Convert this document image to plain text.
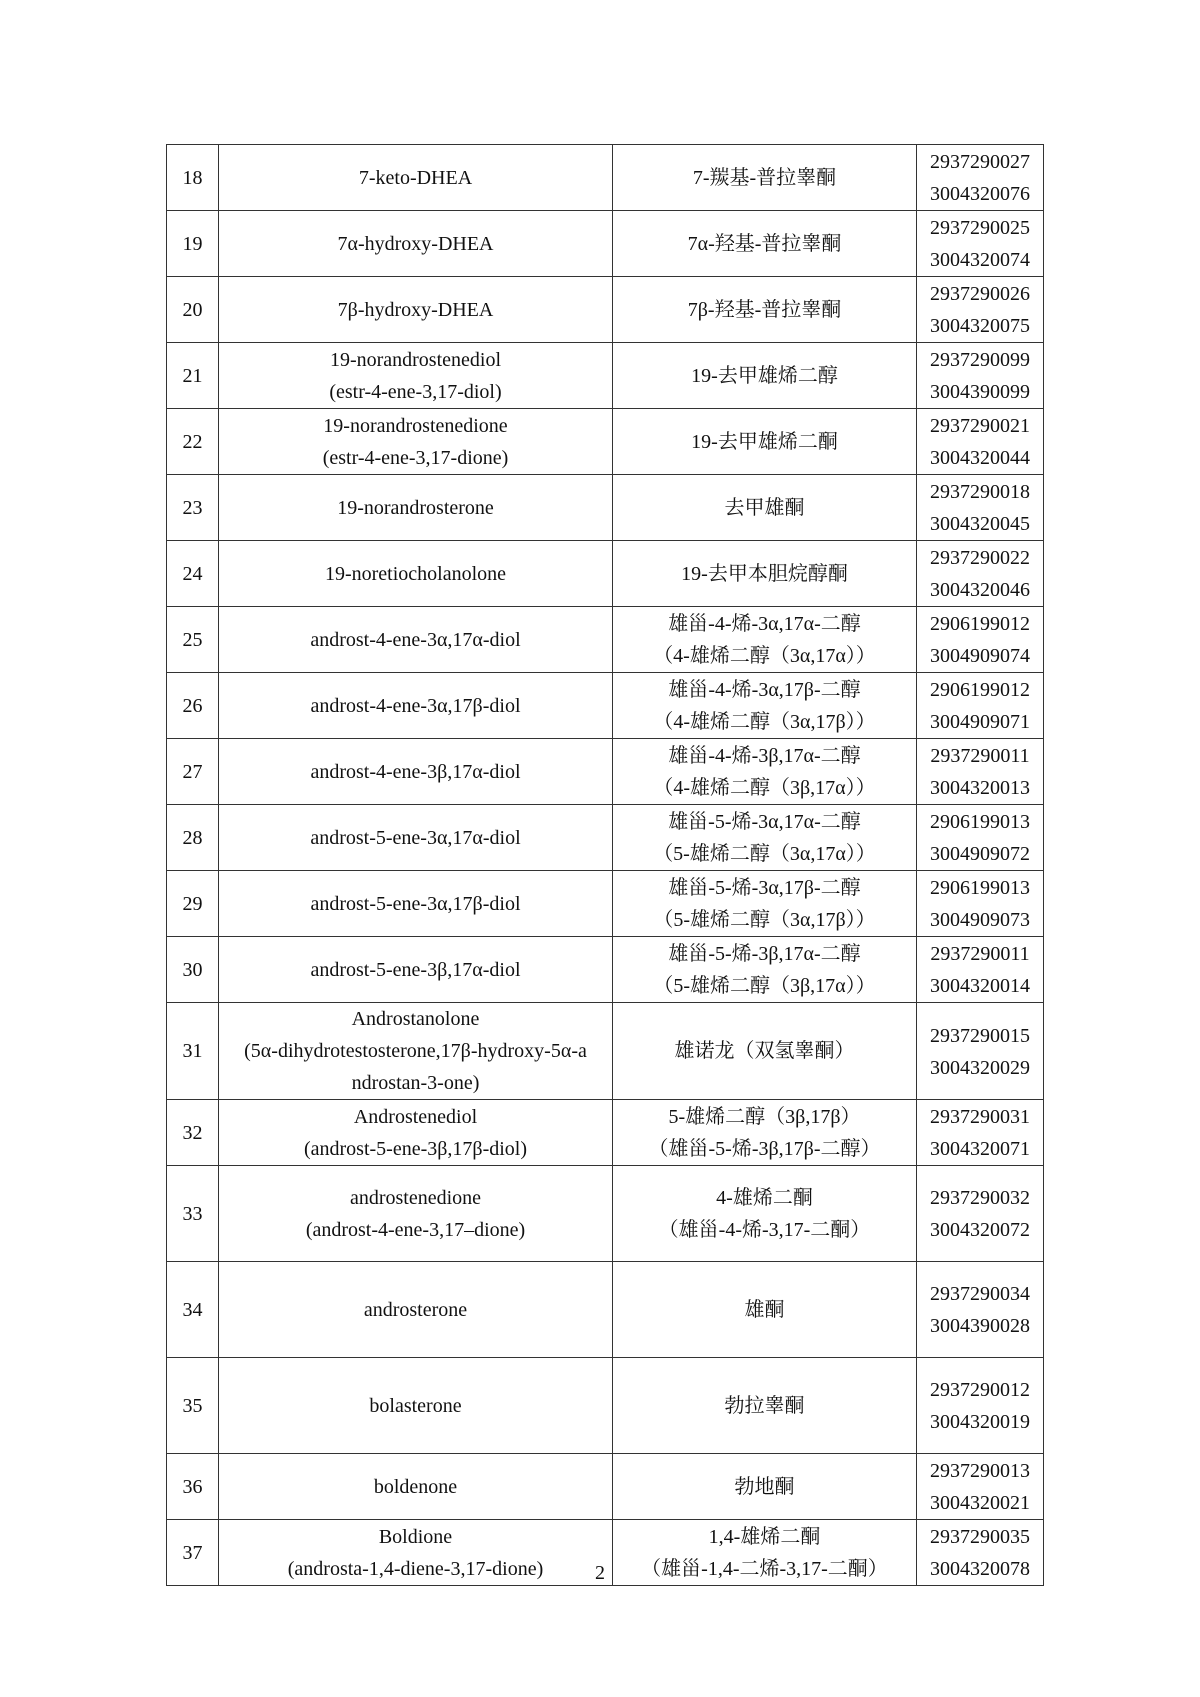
18	7-keto-DHEA	7-羰基-普拉睾酮	2937290027
3004320076

19	7α-hydroxy-DHEA	7α-羟基-普拉睾酮	2937290025
3004320074

20	7β-hydroxy-DHEA	7β-羟基-普拉睾酮	2937290026
3004320075

21	19-norandrostenediol
(estr-4-ene-3,17-diol)	19-去甲雄烯二醇	2937290099
3004390099

22	19-norandrostenedione
(estr-4-ene-3,17-dione)	19-去甲雄烯二酮	2937290021
3004320044

23	19-norandrosterone	去甲雄酮	2937290018
3004320045

24	19-noretiocholanolone	19-去甲本胆烷醇酮	2937290022
3004320046

25	androst-4-ene-3α,17α-diol	雄甾-4-烯-3α,17α-二醇
（4-雄烯二醇（3α,17α））	2906199012
3004909074

26	androst-4-ene-3α,17β-diol	雄甾-4-烯-3α,17β-二醇
（4-雄烯二醇（3α,17β））	2906199012
3004909071

27	androst-4-ene-3β,17α-diol	雄甾-4-烯-3β,17α-二醇
（4-雄烯二醇（3β,17α））	2937290011
3004320013

28	androst-5-ene-3α,17α-diol	雄甾-5-烯-3α,17α-二醇
（5-雄烯二醇（3α,17α））	2906199013
3004909072

29	androst-5-ene-3α,17β-diol	雄甾-5-烯-3α,17β-二醇
（5-雄烯二醇（3α,17β））	2906199013
3004909073

30	androst-5-ene-3β,17α-diol	雄甾-5-烯-3β,17α-二醇
（5-雄烯二醇（3β,17α））	2937290011
3004320014

31	Androstanolone
(5α-dihydrotestosterone,17β-hydroxy-5α-a
ndrostan-3-one)	雄诺龙（双氢睾酮）	2937290015
3004320029

32	Androstenediol
(androst-5-ene-3β,17β-diol)	5-雄烯二醇（3β,17β）
（雄甾-5-烯-3β,17β-二醇）	2937290031
3004320071

33	androstenedione
(androst-4-ene-3,17–dione)	4-雄烯二酮
（雄甾-4-烯-3,17-二酮）	2937290032
3004320072

34	androsterone	雄酮	2937290034
3004390028

35	bolasterone	勃拉睾酮	2937290012
3004320019

36	boldenone	勃地酮	2937290013
3004320021

37	Boldione
(androsta-1,4-diene-3,17-dione)	1,4-雄烯二酮
（雄甾-1,4-二烯-3,17-二酮）	2937290035
3004320078
2
